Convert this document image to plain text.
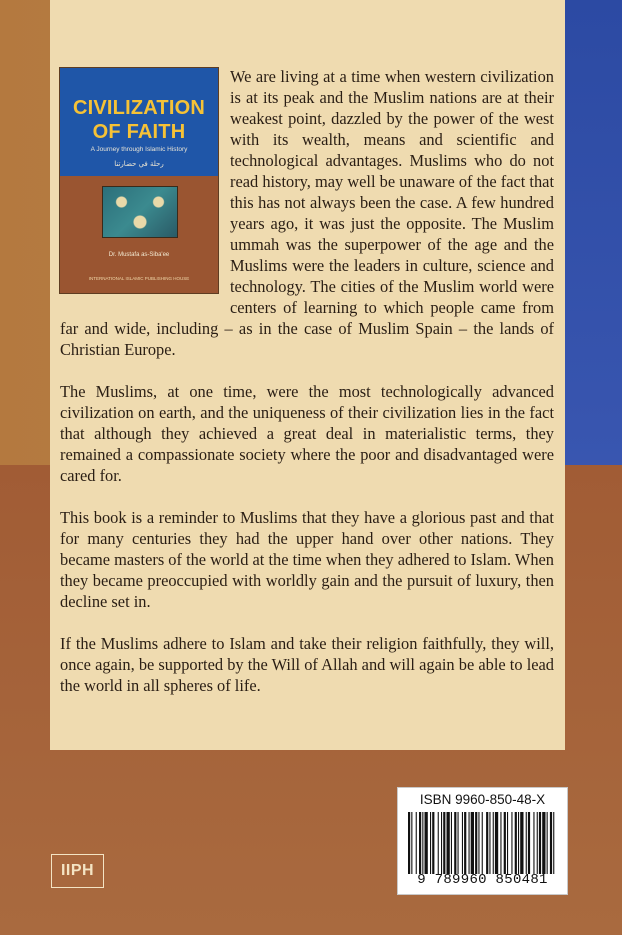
We are living at a time when western civilization is at its peak and the Muslim nations are at their weakest point, dazzled by the power of the west with its wealth, means and scientific and technological advantages. Muslims who do not read history, may well be unaware of the fact that this has not always been the case. A few hundred years ago, it was just the opposite. The Muslim ummah was the superpower of the age and the Muslims were the leaders in culture, science and technology. The cities of the Muslim world were centers of learning to which people came from far and wide, including – as in the case of Muslim Spain – the lands of Christian Europe.

The Muslims, at one time, were the most technologically advanced civilization on earth, and the uniqueness of their civilization lies in the fact that although they achieved a great deal in materialistic terms, they remained a compassionate society where the poor and disadvantaged were cared for.

This book is a reminder to Muslims that they have a glorious past and that for many centuries they had the upper hand over other nations. They became masters of the world at the time when they adhered to Islam. When they became preoccupied with worldly gain and the pursuit of luxury, then decline set in.

If the Muslims adhere to Islam and take their religion faithfully, they will, once again, be supported by the Will of Allah and will again be able to lead the world in all spheres of life.

CIVILIZATION
OF FAITH
A Journey through Islamic History
رحلة في حضارتنا
Dr. Mustafa as-Siba'ee
INTERNATIONAL ISLAMIC PUBLISHING HOUSE
ISBN 9960-850-48-X
9 789960 850481
IIPH
